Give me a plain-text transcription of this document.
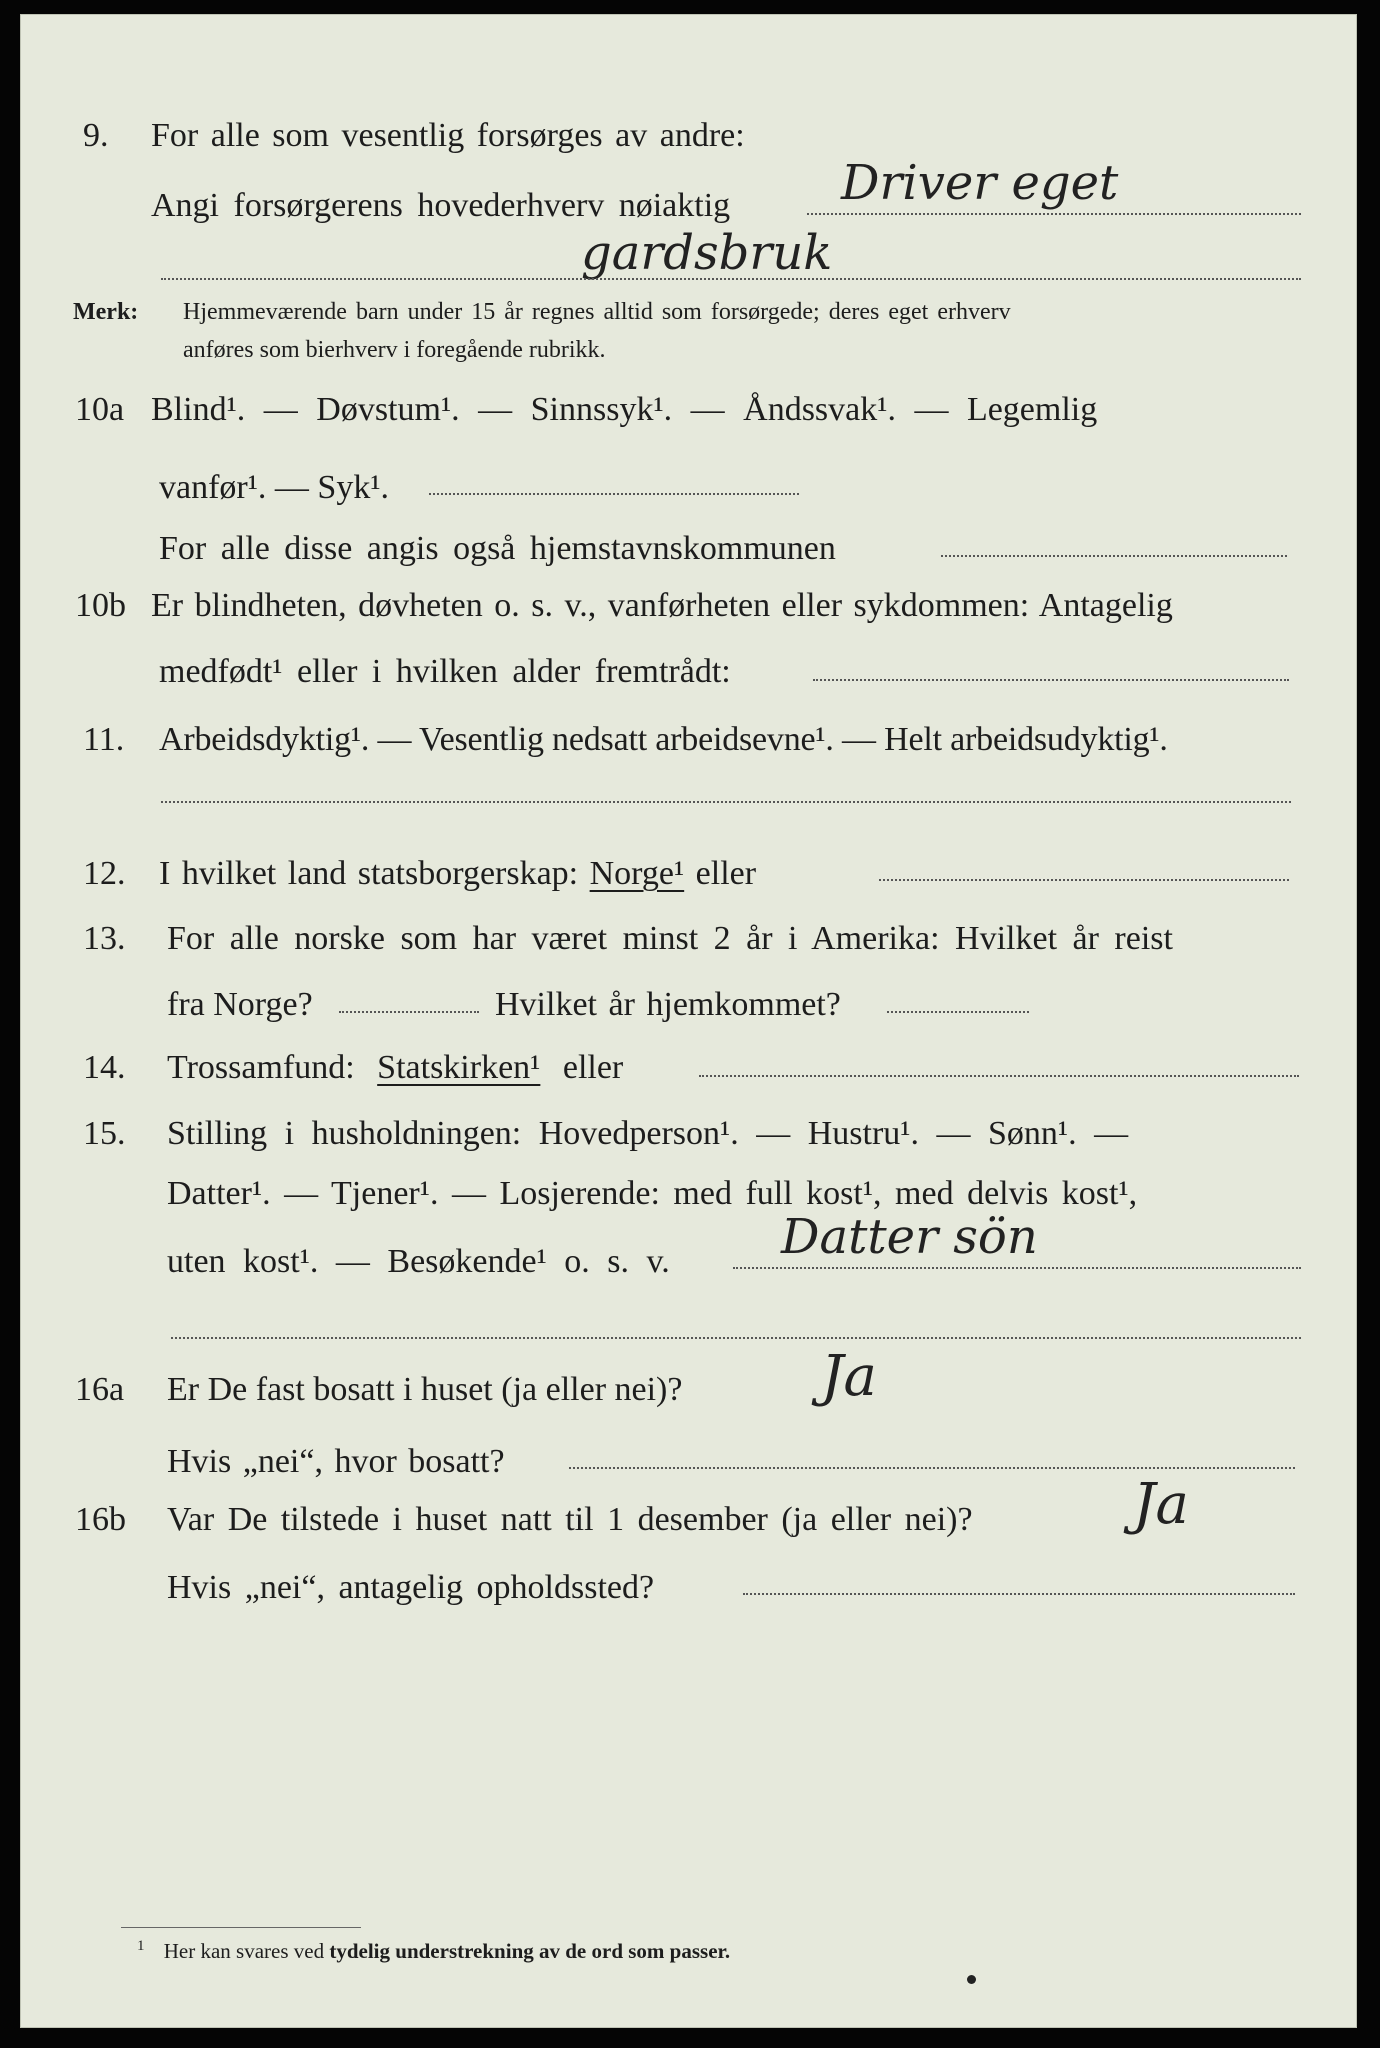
9. For alle som vesentlig forsørges av andre:
Driver eget
Angi forsørgerens hovederhverv nøiaktig
gardsbruk
Merk: Hjemmeværende barn under 15 år regnes alltid som forsørgede; deres eget erhverv
anføres som bierhverv i foregående rubrikk.
10a Blind¹. — Døvstum¹. — Sinnssyk¹. — Åndssvak¹. — Legemlig
vanfør¹. — Syk¹.
For alle disse angis også hjemstavnskommunen
10b Er blindheten, døvheten o. s. v., vanførheten eller sykdommen: Antagelig
medfødt¹ eller i hvilken alder fremtrådt:
11. Arbeidsdyktig¹. — Vesentlig nedsatt arbeidsevne¹. — Helt arbeidsudyktig¹.
12. I hvilket land statsborgerskap: Norge¹ eller
13. For alle norske som har været minst 2 år i Amerika: Hvilket år reist
fra Norge?	Hvilket år hjemkommet?
14. Trossamfund: Statskirken¹ eller
15. Stilling i husholdningen: Hovedperson¹. — Hustru¹. — Sønn¹. —
Datter¹. — Tjener¹. — Losjerende: med full kost¹, med delvis kost¹,
uten kost¹. — Besøkende¹ o. s. v. Datter sön
16a Er De fast bosatt i huset (ja eller nei)? Ja
Hvis „nei“, hvor bosatt?
16b Var De tilstede i huset natt til 1 desember (ja eller nei)?	Ja
Hvis „nei“, antagelig opholdssted?
$^1$ Her kan svares ved tydelig understrekning av de ord som passer.
